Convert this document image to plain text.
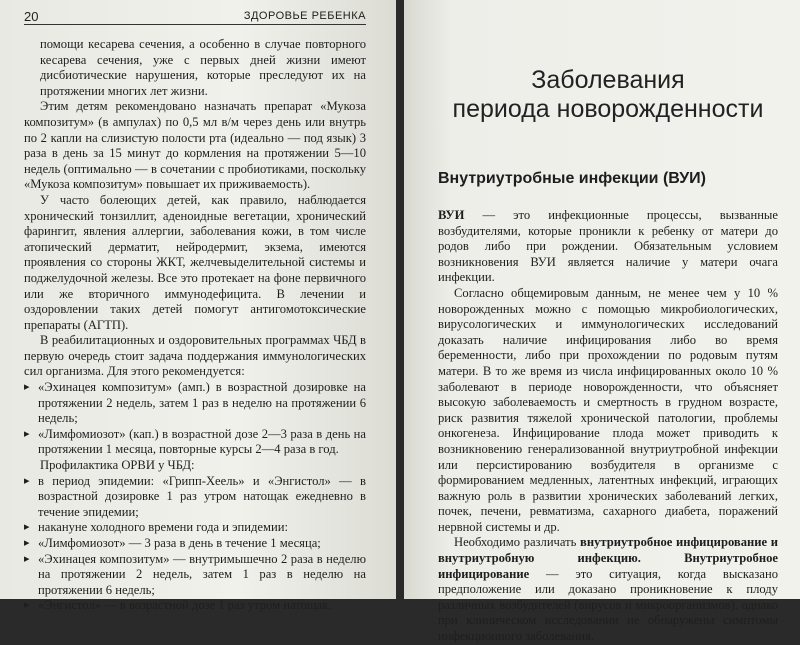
20	ЗДОРОВЬЕ РЕБЕНКА

помощи кесарева сечения, а особенно в случае повторного кесарева сечения, уже с первых дней жизни имеют дисбиотические нарушения, которые преследуют их на протяжении многих лет жизни.

Этим детям рекомендовано назначать препарат «Мукоза композитум» (в ампулах) по 0,5 мл в/м через день или внутрь по 2 капли на слизистую полости рта (идеально — под язык) 3 раза в день за 15 минут до кормления на протяжении 5—10 недель (оптимально — в сочетании с пробиотиками, поскольку «Мукоза композитум» повышает их приживаемость).

У часто болеющих детей, как правило, наблюдается хронический тонзиллит, аденоидные вегетации, хронический фарингит, явления аллергии, заболевания кожи, в том числе атопический дерматит, нейродермит, экзема, имеются проявления со стороны ЖКТ, желчевыделительной системы и поджелудочной железы. Все это протекает на фоне первичного или же вторичного иммунодефицита. В лечении и оздоровлении таких детей помогут антигомотоксические препараты (АГТП).

В реабилитационных и оздоровительных программах ЧБД в первую очередь стоит задача поддержания иммунологических сил организма. Для этого рекомендуется:

▸ «Эхинацея композитум» (амп.) в возрастной дозировке на протяжении 2 недель, затем 1 раз в неделю на протяжении 6 недель;

▸ «Лимфомиозот» (кап.) в возрастной дозе 2—3 раза в день на протяжении 1 месяца, повторные курсы 2—4 раза в год.

Профилактика ОРВИ у ЧБД:

▸ в период эпидемии: «Грипп-Хеель» и «Энгистол» — в возрастной дозировке 1 раз утром натощак ежедневно в течение эпидемии;

▸ накануне холодного времени года и эпидемии:

▸ «Лимфомиозот» — 3 раза в день в течение 1 месяца;

▸ «Эхинацея композитум» — внутримышечно 2 раза в неделю на протяжении 2 недель, затем 1 раз в неделю на протяжении 6 недель;

▸ «Энгистол» — в возрастной дозе 1 раз утром натощак.

Заболевания
периода новорожденности
Внутриутробные инфекции (ВУИ)

ВУИ — это инфекционные процессы, вызванные возбудителями, которые проникли к ребенку от матери до родов либо при рождении. Обязательным условием возникновения ВУИ является наличие у матери очага инфекции.

Согласно общемировым данным, не менее чем у 10 % новорожденных можно с помощью микробиологических, вирусологических и иммунологических исследований доказать наличие инфицирования либо во время беременности, либо при прохождении по родовым путям матери. В то же время из числа инфицированных около 10 % заболевают в периоде новорожденности, что объясняет высокую заболеваемость и смертность в грудном возрасте, риск развития тяжелой хронической патологии, проблемы онкогенеза. Инфицирование плода может приводить к возникновению генерализованной внутриутробной инфекции или персистированию возбудителя в организме с формированием медленных, латентных инфекций, играющих важную роль в развитии хронических заболеваний легких, почек, печени, ревматизма, сахарного диабета, поражений нервной системы и др.

Необходимо различать внутриутробное инфицирование и внутриутробную инфекцию.	Внутриутробное инфицирование — это ситуация, когда высказано предположение или доказано проникновение к плоду различных возбудителей (вирусов и микроорганизмов), однако при клиническом исследовании не обнаружены симптомы инфекционного заболевания.
